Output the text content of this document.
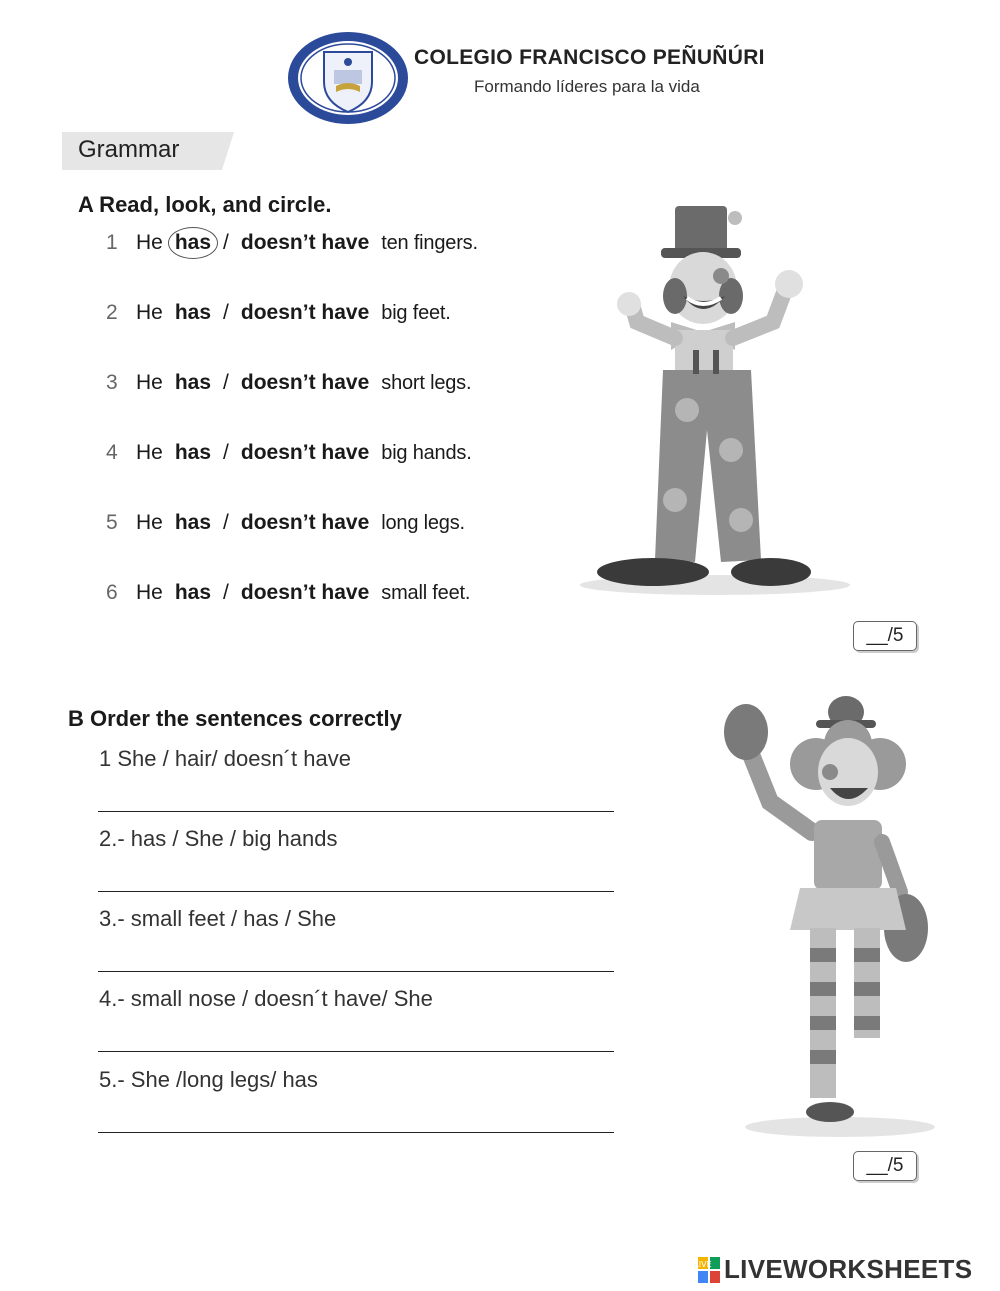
COLEGIO FRANCISCO PEÑUÑÚRI
Formando líderes para la vida
Grammar
A Read, look, and circle.
1 He has / doesn’t have ten fingers.
2 He has / doesn’t have big feet.
3 He has / doesn’t have short legs.
4 He has / doesn’t have big hands.
5 He has / doesn’t have long legs.
6 He has / doesn’t have small feet.
__/5
B Order the sentences correctly
1 She / hair/ doesn´t have
2.- has / She / big hands
3.- small feet / has / She
4.- small nose / doesn´t have/ She
5.- She /long legs/ has
__/5
LIVE LIVEWORKSHEETS
